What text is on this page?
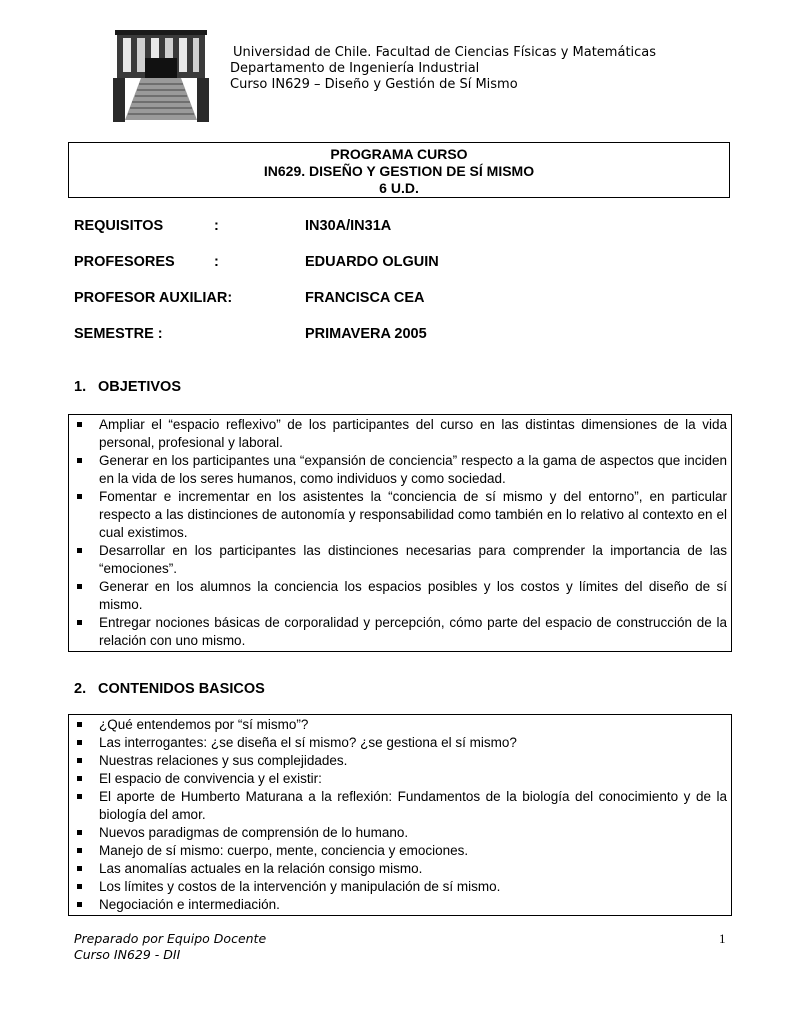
Universidad de Chile. Facultad de Ciencias Físicas y Matemáticas
Departamento de Ingeniería Industrial
Curso IN629 – Diseño y Gestión de Sí Mismo
PROGRAMA CURSO
IN629. DISEÑO Y GESTION DE SÍ MISMO
6 U.D.
REQUISITOS	:	IN30A/IN31A
PROFESORES	:	EDUARDO OLGUIN
PROFESOR AUXILIAR:	FRANCISCA CEA
SEMESTRE :	PRIMAVERA 2005
1. OBJETIVOS
Ampliar el “espacio reflexivo” de los participantes del curso en las distintas dimensiones de la vida personal, profesional y laboral.
Generar en los participantes una “expansión de conciencia” respecto a la gama de aspectos que inciden en la vida de los seres humanos, como individuos y como sociedad.
Fomentar e incrementar en los asistentes la “conciencia de sí mismo y del entorno”, en particular respecto a las distinciones de autonomía y responsabilidad como también en lo relativo al contexto en el cual existimos.
Desarrollar en los participantes las distinciones necesarias para comprender la importancia de las “emociones”.
Generar en los alumnos la conciencia los espacios posibles y los costos y límites del diseño de sí mismo.
Entregar nociones básicas de corporalidad y percepción, cómo parte del espacio de construcción de la relación con uno mismo.
2. CONTENIDOS BASICOS
¿Qué entendemos por “sí mismo”?
Las interrogantes: ¿se diseña el sí mismo? ¿se gestiona el sí mismo?
Nuestras relaciones y sus complejidades.
El espacio de convivencia y el existir:
El aporte de Humberto Maturana a la reflexión: Fundamentos de la biología del conocimiento y de la biología del amor.
Nuevos paradigmas de comprensión de lo humano.
Manejo de sí mismo: cuerpo, mente, conciencia y emociones.
Las anomalías actuales en la relación consigo mismo.
Los límites y costos de la intervención y manipulación de sí mismo.
Negociación e intermediación.
Preparado por Equipo Docente
Curso IN629 - DII
1
